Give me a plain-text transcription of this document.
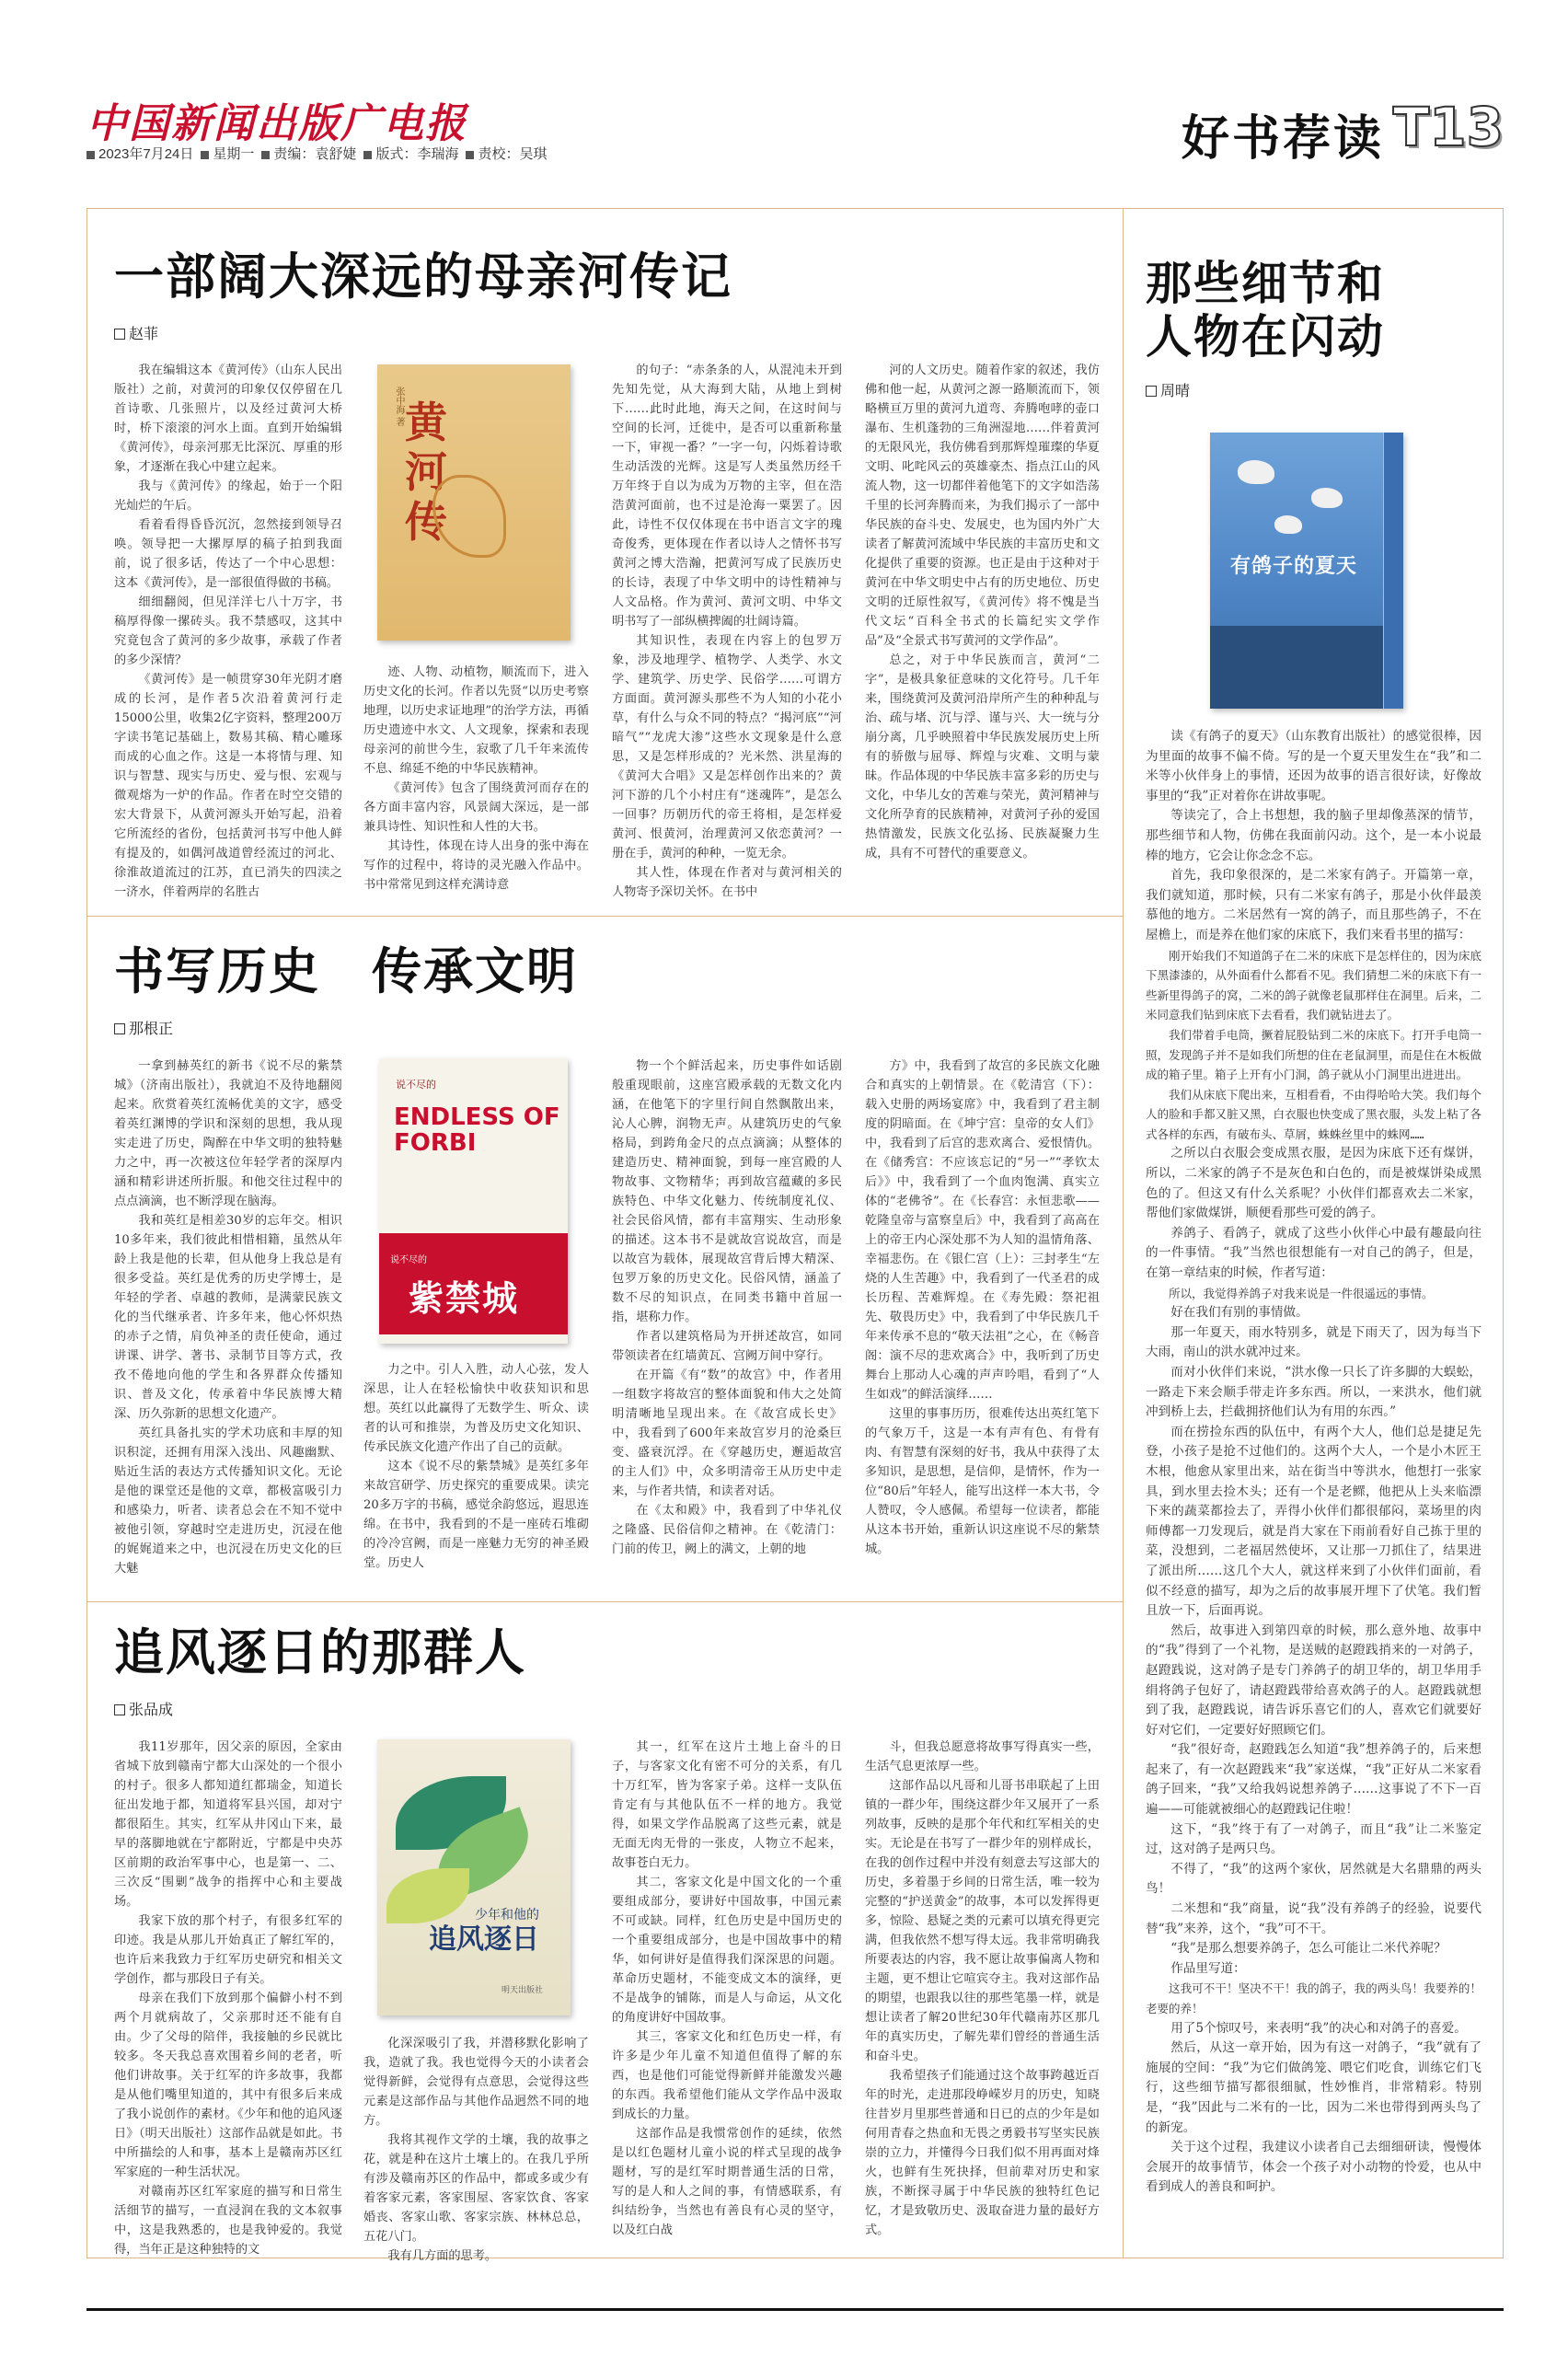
中国新闻出版广电报
2023年7月24日	星期一	责编：袁舒婕	版式：李瑞海	责校：吴琪	好书荐读 T13
一部阔大深远的母亲河传记
赵菲

我在编辑这本《黄河传》（山东人民出版社）之前，对黄河的印象仅仅停留在几首诗歌、几张照片，以及经过黄河大桥时，桥下滚滚的河水上面。直到开始编辑《黄河传》，母亲河那无比深沉、厚重的形象，才逐渐在我心中建立起来。

我与《黄河传》的缘起，始于一个阳光灿烂的午后。

看着看得昏昏沉沉，忽然接到领导召唤。领导把一大摞厚厚的稿子拍到我面前，说了很多话，传达了一个中心思想：这本《黄河传》，是一部很值得做的书稿。

细细翻阅，但见洋洋七八十万字，书稿厚得像一摞砖头。我不禁感叹，这其中究竟包含了黄河的多少故事，承载了作者的多少深情？

《黄河传》是一帧贯穿30年光阴才磨成的长河，是作者5次沿着黄河行走15000公里，收集2亿字资料，整理200万字读书笔记基础上，数易其稿、精心雕琢而成的心血之作。这是一本将情与理、知识与智慧、现实与历史、爱与恨、宏观与微观熔为一炉的作品。作者在时空交错的宏大背景下，从黄河源头开始写起，沿着它所流经的省份，包括黄河书写中他人鲜有提及的，如偶河战道曾经流过的河北、徐淮故道流过的江苏，直已消失的四渎之一济水，伴着两岸的名胜古

张中海 著 黄河传

迹、人物、动植物，顺流而下，进入历史文化的长河。作者以先贤“以历史考察地理，以历史求证地理”的治学方法，再循历史遗迹中水文、人文现象，探索和表现母亲河的前世今生，寂歌了几千年来流传不息、绵延不绝的中华民族精神。

《黄河传》包含了围绕黄河而存在的各方面丰富内容，风景阔大深远，是一部兼具诗性、知识性和人性的大书。

其诗性，体现在诗人出身的张中海在写作的过程中，将诗的灵光融入作品中。书中常常见到这样充满诗意

的句子：“赤条条的人，从混沌未开到先知先觉，从大海到大陆，从地上到树下……此时此地，海天之间，在这时间与空间的长河，迁徙中，是否可以重新称量一下，审视一番？”一字一句，闪烁着诗歌生动活泼的光辉。这是写人类虽然历经千万年终于自以为成为万物的主宰，但在浩浩黄河面前，也不过是沧海一粟罢了。因此，诗性不仅仅体现在书中语言文字的瑰奇俊秀，更体现在作者以诗人之情怀书写黄河之博大浩瀚，把黄河写成了民族历史的长诗，表现了中华文明中的诗性精神与人文品格。作为黄河、黄河文明、中华文明书写了一部纵横捭阖的壮阔诗篇。

其知识性，表现在内容上的包罗万象，涉及地理学、植物学、人类学、水文学、建筑学、历史学、民俗学……可谓方方面面。黄河源头那些不为人知的小花小草，有什么与众不同的特点？“揭河底”“河暗气”“龙虎大渗”这些水文现象是什么意思，又是怎样形成的？光米然、洪星海的《黄河大合唱》又是怎样创作出来的？黄河下游的几个小村庄有“迷魂阵”，是怎么一回事？历朝历代的帝王将相，是怎样爱黄河、恨黄河，治理黄河又依恋黄河？一册在手，黄河的种种，一览无余。

其人性，体现在作者对与黄河相关的人物寄予深切关怀。在书中

河的人文历史。随着作家的叙述，我仿佛和他一起，从黄河之源一路顺流而下，领略横亘万里的黄河九道弯、奔腾咆哮的壶口瀑布、生机蓬勃的三角洲湿地……伴着黄河的无限风光，我仿佛看到那辉煌璀璨的华夏文明、叱咤风云的英雄豪杰、指点江山的风流人物，这一切都伴着他笔下的文字如浩荡千里的长河奔腾而来，为我们揭示了一部中华民族的奋斗史、发展史，也为国内外广大读者了解黄河流域中华民族的丰富历史和文化提供了重要的资源。也正是由于这种对于黄河在中华文明史中占有的历史地位、历史文明的迁原性叙写，《黄河传》将不愧是当代文坛“百科全书式的长篇纪实文学作品”及“全景式书写黄河的文学作品”。

总之，对于中华民族而言，黄河“二字”，是极具象征意味的文化符号。几千年来，围绕黄河及黄河沿岸所产生的种种乱与治、疏与堵、沉与浮、谨与兴、大一统与分崩分离，几乎映照着中华民族发展历史上所有的骄傲与屈辱、辉煌与灾难、文明与蒙昧。作品体现的中华民族丰富多彩的历史与文化，中华儿女的苦难与荣光，黄河精神与文化所孕育的民族精神，对黄河子孙的爱国热情激发，民族文化弘扬、民族凝聚力生成，具有不可替代的重要意义。

书写历史　传承文明
那根正

一拿到赫英红的新书《说不尽的紫禁城》（济南出版社），我就迫不及待地翻阅起来。欣赏着英红流畅优美的文字，感受着英红渊博的学识和深刻的思想，我从现实走进了历史，陶醉在中华文明的独特魅力之中，再一次被这位年轻学者的深厚内涵和精彩讲述所折服。和他交往过程中的点点滴滴，也不断浮现在脑海。

我和英红是相差30岁的忘年交。相识10多年来，我们彼此相惜相籍，虽然从年龄上我是他的长辈，但从他身上我总是有很多受益。英红是优秀的历史学博士，是年轻的学者、卓越的教师，是满蒙民族文化的当代继承者、许多年来，他心怀炽热的赤子之情，肩负神圣的责任使命，通过讲课、讲学、著书、录制节目等方式，孜孜不倦地向他的学生和各界群众传播知识、普及文化，传承着中华民族博大精深、历久弥新的思想文化遗产。

英红具备扎实的学术功底和丰厚的知识积淀，还拥有用深入浅出、风趣幽默、贴近生活的表达方式传播知识文化。无论是他的课堂还是他的文章，都极富吸引力和感染力，听者、读者总会在不知不觉中被他引领，穿越时空走进历史，沉浸在他的娓娓道来之中，也沉浸在历史文化的巨大魅

说不尽的
ENDLESS OF FORBI
说不尽的
紫禁城

力之中。引人入胜，动人心弦，发人深思，让人在轻松愉快中收获知识和思想。英红以此赢得了无数学生、听众、读者的认可和推崇，为普及历史文化知识、传承民族文化遗产作出了自己的贡献。

这本《说不尽的紫禁城》是英红多年来故宫研学、历史探究的重要成果。读完20多万字的书稿，感觉余韵悠远，遐思连绵。在书中，我看到的不是一座砖石堆砌的冷冷宫阙，而是一座魅力无穷的神圣殿堂。历史人

物一个个鲜活起来，历史事件如话剧般重现眼前，这座宫殿承载的无数文化内涵，在他笔下的字里行间自然飘散出来，沁人心脾，润物无声。从建筑历史的气象格局，到跨角金尺的点点滴滴；从整体的建造历史、精神面貌，到每一座宫殿的人物故事、文物精华；再到故宫蕴藏的多民族特色、中华文化魅力、传统制度礼仪、社会民俗风情，都有丰富翔实、生动形象的描述。这本书不是就故宫说故宫，而是以故宫为载体，展现故宫背后博大精深、包罗万象的历史文化。民俗风情，涵盖了数不尽的知识点，在同类书籍中首屈一指，堪称力作。

作者以建筑格局为开拼述故宫，如同带领读者在红墙黄瓦、宫阙万间中穿行。

在开篇《有“数”的故宫》中，作者用一组数字将故宫的整体面貌和伟大之处简明清晰地呈现出来。在《故宫成长史》中，我看到了600年来故宫岁月的沧桑巨变、盛衰沉浮。在《穿越历史，邂逅故宫的主人们》中，众多明清帝王从历史中走来，与作者共情，和读者对话。

在《太和殿》中，我看到了中华礼仪之隆盛、民俗信仰之精神。在《乾清门：门前的传卫，阙上的满文，上朝的地

方》中，我看到了故宫的多民族文化融合和真实的上朝情景。在《乾清宫（下）：载入史册的两场宴席》中，我看到了君主制度的阴暗面。在《坤宁宫：皇帝的女人们》中，我看到了后宫的悲欢离合、爱恨情仇。在《储秀宫：不应该忘记的“另一”“孝钦太后》》中，我看到了一个血肉饱满、真实立体的“老佛爷”。在《长春宫：永恒悲歌——乾隆皇帝与富察皇后》中，我看到了高高在上的帝王内心深处那不为人知的温情角落、幸福悲伤。在《银仁宫（上）：三封孝生“左烧的人生苦趣》中，我看到了一代圣君的成长历程、苦难辉煌。在《寿先殿：祭祀祖先、敬畏历史》中，我看到了中华民族几千年来传承不息的“敬天法祖”之心，在《畅音阁：演不尽的悲欢离合》中，我听到了历史舞台上那动人心魂的声声吟唱，看到了“人生如戏”的鲜活演绎……

这里的事事历历，很难传达出英红笔下的气象万千，这是一本有声有色、有骨有肉、有智慧有深刻的好书，我从中获得了太多知识，是思想，是信仰，是情怀，作为一位“80后”年轻人，能写出这样一本大书，令人赞叹，令人感佩。希望每一位读者，都能从这本书开始，重新认识这座说不尽的紫禁城。

追风逐日的那群人
张品成

我11岁那年，因父亲的原因，全家由省城下放到赣南宁都大山深处的一个很小的村子。很多人都知道红都瑞金，知道长征出发地于都，知道将军县兴国，却对宁都很陌生。其实，红军从井冈山下来，最早的落脚地就在宁都附近，宁都是中央苏区前期的政治军事中心，也是第一、二、三次反“围剿”战争的指挥中心和主要战场。

我家下放的那个村子，有很多红军的印迹。我是从那儿开始真正了解红军的，也许后来我致力于红军历史研究和相关文学创作，都与那段日子有关。

母亲在我们下放到那个偏僻小村不到两个月就病故了，父亲那时还不能有自由。少了父母的陪伴，我接触的乡民就比较多。冬天我总喜欢围着乡间的老者，听他们讲故事。关于红军的许多故事，我都是从他们嘴里知道的，其中有很多后来成了我小说创作的素材。《少年和他的追风逐日》（明天出版社）这部作品就是如此。书中所描绘的人和事，基本上是赣南苏区红军家庭的一种生活状况。

对赣南苏区红军家庭的描写和日常生活细节的描写，一直浸润在我的文本叙事中，这是我熟悉的，也是我钟爱的。我觉得，当年正是这种独特的文

少年和他的
追风逐日
明天出版社

化深深吸引了我，并潜移默化影响了我，造就了我。我也觉得今天的小读者会觉得新鲜，会觉得有点意思，会觉得这些元素是这部作品与其他作品迥然不同的地方。

我将其视作文学的土壤，我的故事之花，就是种在这片土壤上的。在我几乎所有涉及赣南苏区的作品中，都或多或少有着客家元素，客家围屋、客家饮食、客家婚丧、客家山歌、客家宗族、林林总总，五花八门。

我有几方面的思考。

其一，红军在这片土地上奋斗的日子，与客家文化有密不可分的关系，有几十万红军，皆为客家子弟。这样一支队伍肯定有与其他队伍不一样的地方。我觉得，如果文学作品脱离了这些元素，就是无面无肉无骨的一张皮，人物立不起来，故事苍白无力。

其二，客家文化是中国文化的一个重要组成部分，要讲好中国故事，中国元素不可或缺。同样，红色历史是中国历史的一个重要组成部分，也是中国故事中的精华，如何讲好是值得我们深深思的问题。革命历史题材，不能变成文本的演绎，更不是战争的铺陈，而是人与命运，从文化的角度讲好中国故事。

其三，客家文化和红色历史一样，有许多是少年儿童不知道但值得了解的东西，也是他们可能觉得新鲜并能激发兴趣的东西。我希望他们能从文学作品中汲取到成长的力量。

这部作品是我惯常创作的延续，依然是以红色题材儿童小说的样式呈现的战争题材，写的是红军时期普通生活的日常，写的是人和人之间的事，有情感联系，有纠结纷争，当然也有善良有心灵的坚守，以及红白战

斗，但我总愿意将故事写得真实一些，生活气息更浓厚一些。

这部作品以凡哥和儿哥书串联起了上田镇的一群少年，围绕这群少年又展开了一系列故事，反映的是那个年代和红军相关的史实。无论是在书写了一群少年的别样成长，在我的创作过程中并没有刻意去写这部大的历史，多着墨于乡间的日常生活，唯一较为完整的“护送黄金”的故事，本可以发挥得更多，惊险、悬疑之类的元素可以填充得更完满，但我依然不想写得太远。我非常明确我所要表达的内容，我不愿让故事偏离人物和主题，更不想让它喧宾夺主。我对这部作品的期望，也跟我以往的那些笔墨一样，就是想让读者了解20世纪30年代赣南苏区那几年的真实历史，了解先辈们曾经的普通生活和奋斗史。

我希望孩子们能通过这个故事跨越近百年的时光，走进那段峥嵘岁月的历史，知晓往昔岁月里那些普通和日已的点的少年是如何用青春之热血和无畏之勇毅书写坚实民族崇的立力，并懂得今日我们似不用再面对烽火，也鲜有生死抉择，但前辈对历史和家族，不断探寻属于中华民族的独特红色记忆，才是致敬历史、汲取奋进力量的最好方式。

那些细节和
人物在闪动
周晴
有鸽子的夏天

读《有鸽子的夏天》（山东教育出版社）的感觉很棒，因为里面的故事不偏不倚。写的是一个夏天里发生在“我”和二米等小伙伴身上的事情，还因为故事的语言很好读，好像故事里的“我”正对着你在讲故事呢。

等读完了，合上书想想，我的脑子里却像蒸深的情节，那些细节和人物，仿佛在我面前闪动。这个，是一本小说最棒的地方，它会让你念念不忘。

首先，我印象很深的，是二米家有鸽子。开篇第一章，我们就知道，那时候，只有二米家有鸽子，那是小伙伴最羡慕他的地方。二米居然有一窝的鸽子，而且那些鸽子，不在屋檐上，而是养在他们家的床底下，我们来看书里的描写：

刚开始我们不知道鸽子在二米的床底下是怎样住的，因为床底下黑漆漆的，从外面看什么都看不见。我们猜想二米的床底下有一些新里得鸽子的窝，二米的鸽子就像老鼠那样住在洞里。后来，二米同意我们钻到床底下去看看，我们就钻进去了。

我们带着手电筒，撅着屁股钻到二米的床底下。打开手电筒一照，发现鸽子并不是如我们所想的住在老鼠洞里，而是住在木板做成的箱子里。箱子上开有小门洞，鸽子就从小门洞里出进进出。

我们从床底下爬出来，互相看看，不由得哈哈大笑。我们每个人的脸和手都又脏又黑，白衣服也快变成了黑衣服，头发上粘了各式各样的东西，有破布头、草屑，蛛蛛丝里中的蛛网……

之所以白衣服会变成黑衣服，是因为床底下还有煤饼，所以，二米家的鸽子不是灰色和白色的，而是被煤饼染成黑色的了。但这又有什么关系呢？小伙伴们都喜欢去二米家，帮他们家做煤饼，顺便看那些可爱的鸽子。

养鸽子、看鸽子，就成了这些小伙伴心中最有趣最向往的一件事情。“我”当然也很想能有一对自己的鸽子，但是，在第一章结束的时候，作者写道：

所以，我觉得养鸽子对我来说是一件很遥远的事情。

好在我们有别的事情做。

那一年夏天，雨水特别多，就是下雨天了，因为每当下大雨，南山的洪水就冲过来。

而对小伙伴们来说，“洪水像一只长了许多脚的大蜈蚣，一路走下来会顺手带走许多东西。所以，一来洪水，他们就冲到桥上去，拦截拥挤他们认为有用的东西。”

而在捞捡东西的队伍中，有两个大人，他们总是捷足先登，小孩子是抢不过他们的。这两个大人，一个是小木匠王木根，他愈从家里出来，站在街当中等洪水，他想打一张家具，到水里去捡木头；还有一个是老鳏，他把从上头来临漂下来的蔬菜都捡去了，弄得小伙伴们都很郁闷，菜场里的肉师傅都一刀发现后，就是肖大家在下雨前看好自己拣于里的菜，没想到，二老福居然使坏，又让那一刀抓住了，结果进了派出所……这几个大人，就这样来到了小伙伴们面前，看似不经意的描写，却为之后的故事展开埋下了伏笔。我们暂且放一下，后面再说。

然后，故事进入到第四章的时候，那么意外地、故事中的“我”得到了一个礼物，是送贼的赵蹬践捎来的一对鸽子，赵蹬践说，这对鸽子是专门养鸽子的胡卫华的，胡卫华用手绢将鸽子包好了，请赵蹬践带给喜欢鸽子的人。赵蹬践就想到了我，赵蹬践说，请告诉乐喜它们的人，喜欢它们就要好好对它们，一定要好好照顾它们。

“我”很好奇，赵蹬践怎么知道“我”想养鸽子的，后来想起来了，有一次赵蹬践来“我”家送煤，“我”正好从二米家看鸽子回来，“我”又给我妈说想养鸽子……这事说了不下一百遍——可能就被细心的赵蹬践记住啦！

这下，“我”终于有了一对鸽子，而且“我”让二米鉴定过，这对鸽子是两只鸟。

不得了，“我”的这两个家伙，居然就是大名鼎鼎的两头鸟！

二米想和“我”商量，说“我”没有养鸽子的经验，说要代替“我”来养，这个，“我”可不干。

“我”是那么想要养鸽子，怎么可能让二米代养呢？

作品里写道：

这我可不干！坚决不干！我的鸽子，我的两头鸟！我要养的！老要的养！

用了5个惊叹号，来表明“我”的决心和对鸽子的喜爱。

然后，从这一章开始，因为有这一对鸽子，“我”就有了施展的空间：“我”为它们做鸽笼、喂它们吃食，训练它们飞行，这些细节描写都很细腻，性妙惟肖，非常精彩。特别是，“我”因此与二米有的一比，因为二米也带得到两头鸟了的新宠。

关于这个过程，我建议小读者自己去细细研读，慢慢体会展开的故事情节，体会一个孩子对小动物的怜爱，也从中看到成人的善良和呵护。
